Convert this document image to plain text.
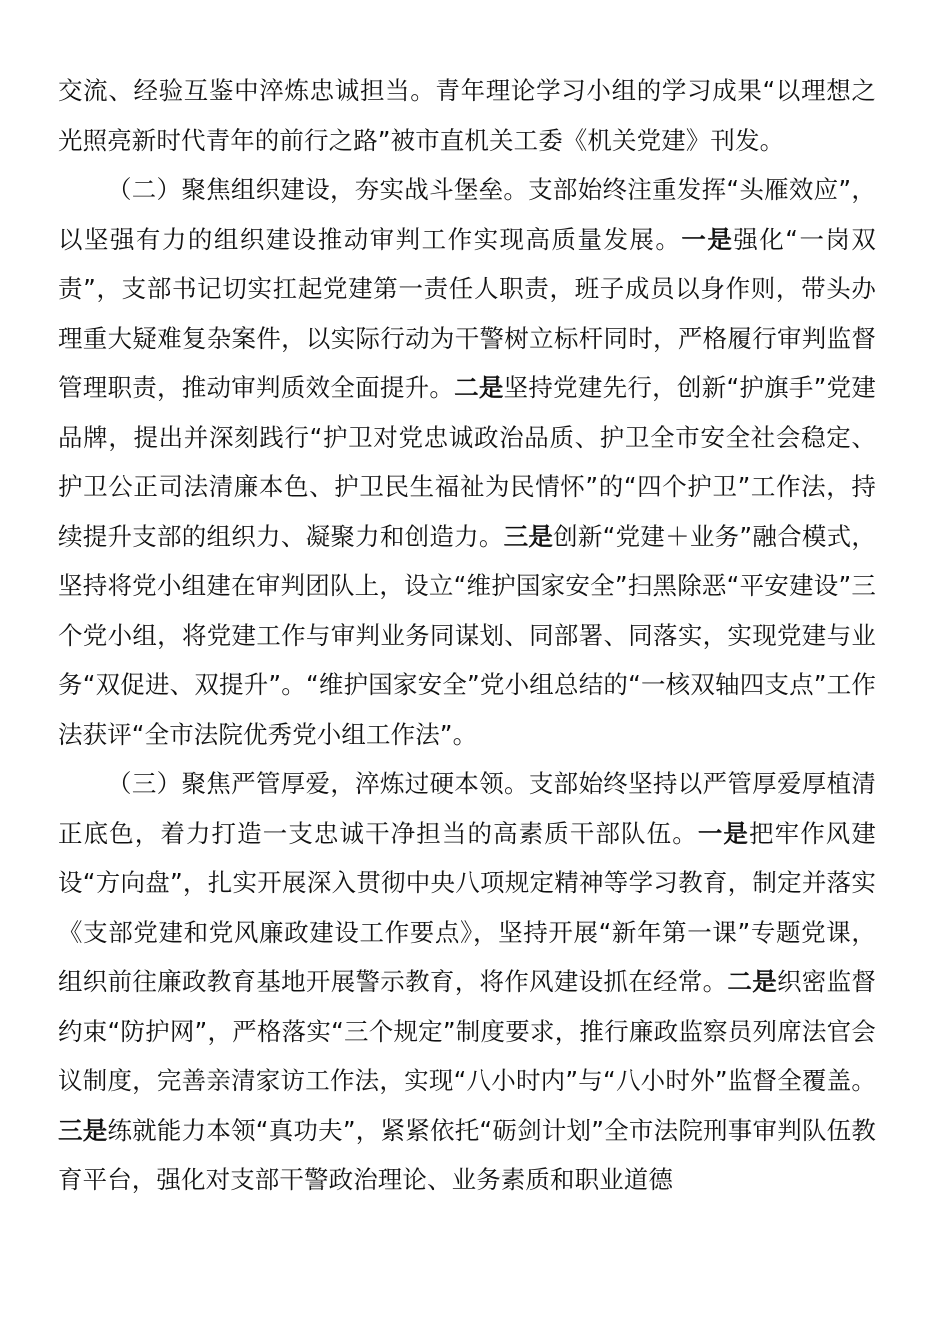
交流、经验互鉴中淬炼忠诚担当。青年理论学习小组的学习成果“以理想之光照亮新时代青年的前行之路”被市直机关工委《机关党建》刊发。

（二）聚焦组织建设，夯实战斗堡垒。支部始终注重发挥“头雁效应”，以坚强有力的组织建设推动审判工作实现高质量发展。一是强化“一岗双责”，支部书记切实扛起党建第一责任人职责，班子成员以身作则，带头办理重大疑难复杂案件，以实际行动为干警树立标杆同时，严格履行审判监督管理职责，推动审判质效全面提升。二是坚持党建先行，创新“护旗手”党建品牌，提出并深刻践行“护卫对党忠诚政治品质、护卫全市安全社会稳定、护卫公正司法清廉本色、护卫民生福祉为民情怀”的“四个护卫”工作法，持续提升支部的组织力、凝聚力和创造力。三是创新“党建＋业务”融合模式，坚持将党小组建在审判团队上，设立“维护国家安全”扫黑除恶“平安建设”三个党小组，将党建工作与审判业务同谋划、同部署、同落实，实现党建与业务“双促进、双提升”。“维护国家安全”党小组总结的“一核双轴四支点”工作法获评“全市法院优秀党小组工作法”。

（三）聚焦严管厚爱，淬炼过硬本领。支部始终坚持以严管厚爱厚植清正底色，着力打造一支忠诚干净担当的高素质干部队伍。一是把牢作风建设“方向盘”，扎实开展深入贯彻中央八项规定精神等学习教育，制定并落实《支部党建和党风廉政建设工作要点》，坚持开展“新年第一课”专题党课，组织前往廉政教育基地开展警示教育，将作风建设抓在经常。二是织密监督约束“防护网”，严格落实“三个规定”制度要求，推行廉政监察员列席法官会议制度，完善亲清家访工作法，实现“八小时内”与“八小时外”监督全覆盖。三是练就能力本领“真功夫”，紧紧依托“砺剑计划”全市法院刑事审判队伍教育平台，强化对支部干警政治理论、业务素质和职业道德
